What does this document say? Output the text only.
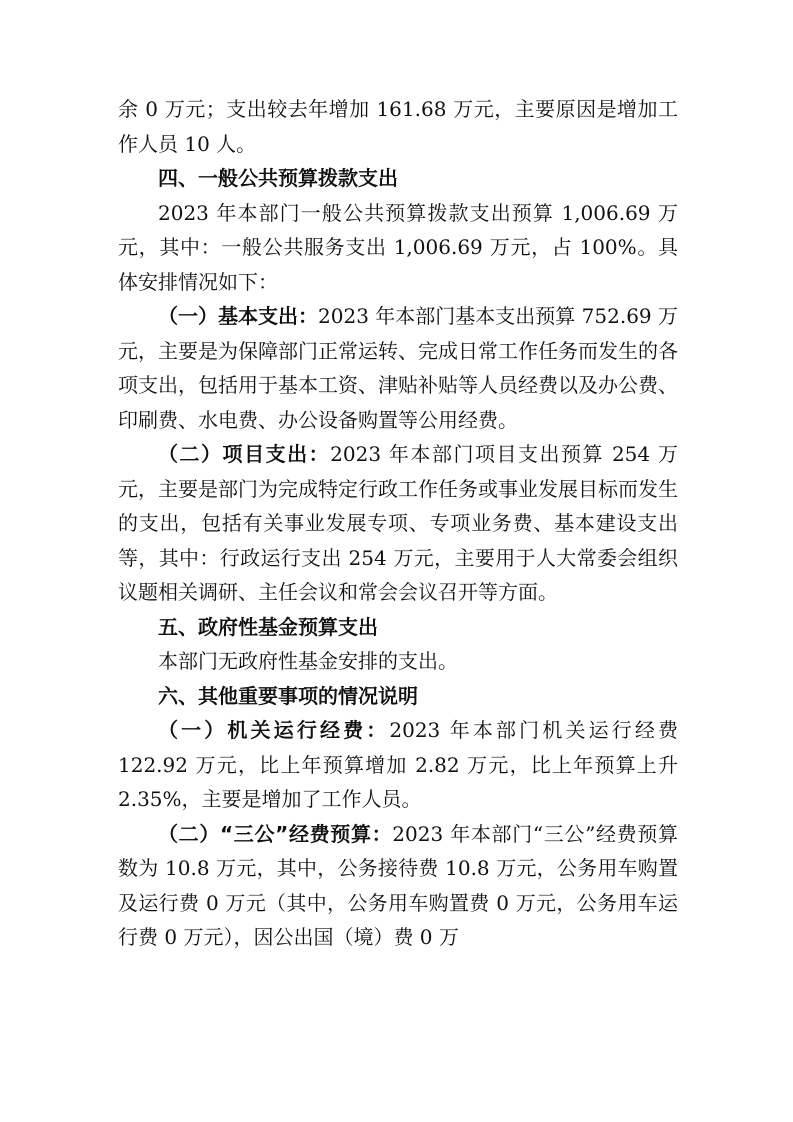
余 0 万元；支出较去年增加 161.68 万元，主要原因是增加工作人员 10 人。

四、一般公共预算拨款支出

2023 年本部门一般公共预算拨款支出预算 1,006.69 万元，其中：一般公共服务支出 1,006.69 万元，占 100%。具体安排情况如下：

（一）基本支出：2023 年本部门基本支出预算 752.69 万元，主要是为保障部门正常运转、完成日常工作任务而发生的各项支出，包括用于基本工资、津贴补贴等人员经费以及办公费、印刷费、水电费、办公设备购置等公用经费。

（二）项目支出：2023 年本部门项目支出预算 254 万元，主要是部门为完成特定行政工作任务或事业发展目标而发生的支出，包括有关事业发展专项、专项业务费、基本建设支出等，其中：行政运行支出 254 万元，主要用于人大常委会组织议题相关调研、主任会议和常会会议召开等方面。

五、政府性基金预算支出

本部门无政府性基金安排的支出。

六、其他重要事项的情况说明

（一）机关运行经费：2023 年本部门机关运行经费 122.92 万元，比上年预算增加 2.82 万元，比上年预算上升 2.35%，主要是增加了工作人员。

（二）“三公”经费预算：2023 年本部门“三公”经费预算数为 10.8 万元，其中，公务接待费 10.8 万元，公务用车购置及运行费 0 万元（其中，公务用车购置费 0 万元，公务用车运行费 0 万元），因公出国（境）费 0 万
